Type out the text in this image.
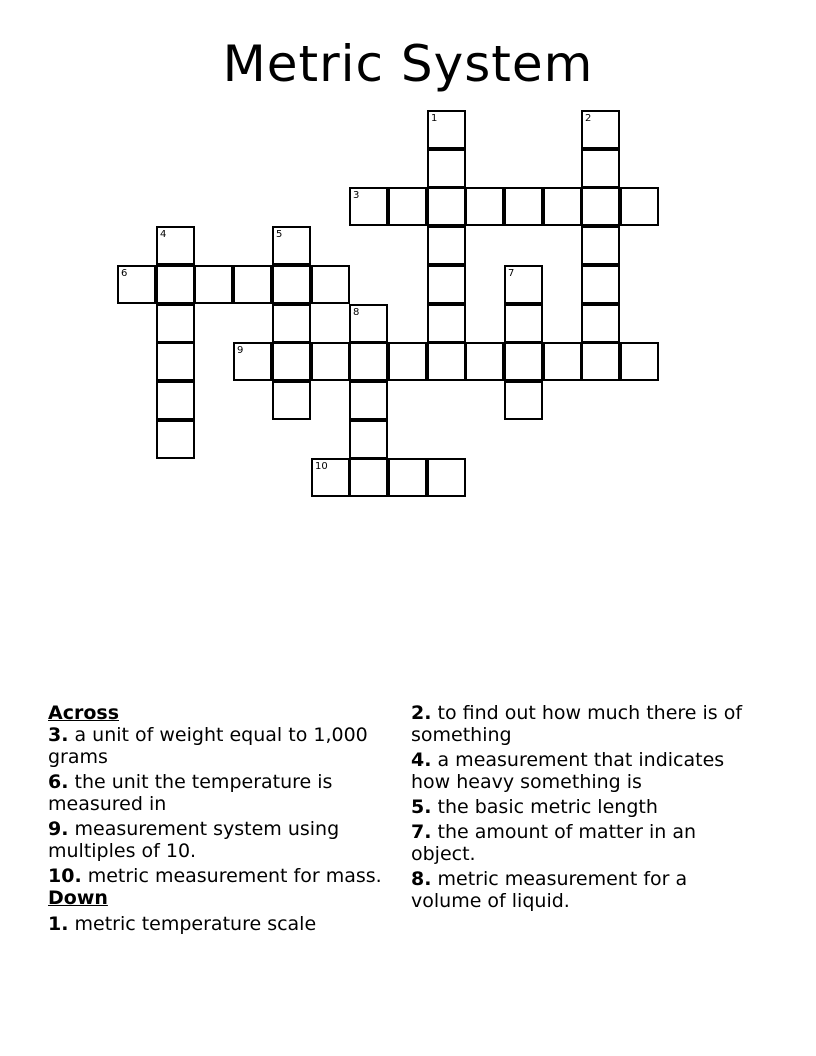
Metric System
1	2
3
4	5
6	7
8
9
10
Across
3. a unit of weight equal to 1,000 grams
6. the unit the temperature is measured in
9. measurement system using multiples of 10.
10. metric measurement for mass.
Down
1. metric temperature scale
2. to find out how much there is of something
4. a measurement that indicates how heavy something is
5. the basic metric length
7. the amount of matter in an object.
8. metric measurement for a volume of liquid.
